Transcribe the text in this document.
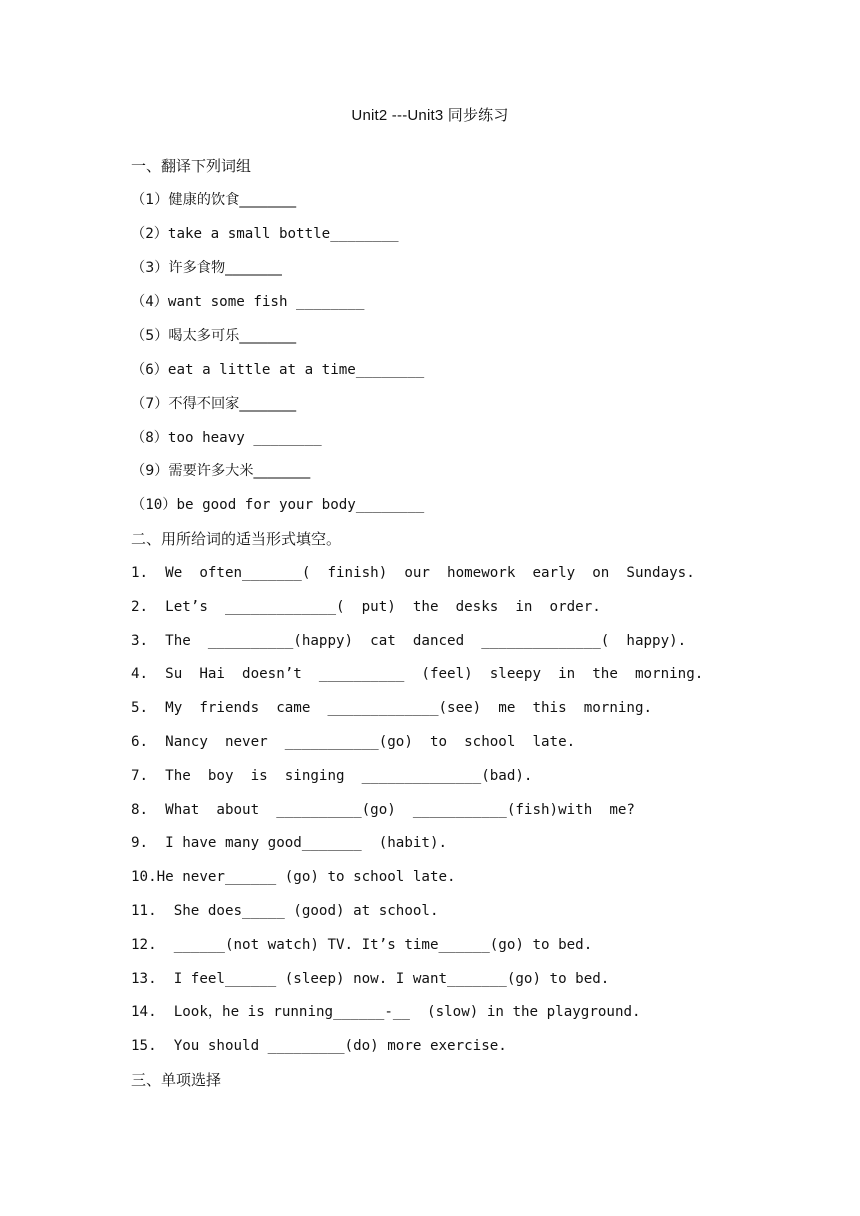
Unit2 ---Unit3 同步练习
一、翻译下列词组
（1）健康的饮食________
（2）take a small bottle________
（3）许多食物________
（4）want some fish ________
（5）喝太多可乐________
（6）eat a little at a time________
（7）不得不回家________
（8）too heavy ________
（9）需要许多大米________
（10）be good for your body________
二、用所给词的适当形式填空。
1.  We  often_______(  finish)  our  homework  early  on  Sundays.
2.  Let’s  _____________(  put)  the  desks  in  order.
3.  The  __________(happy)  cat  danced  ______________(  happy).
4.  Su  Hai  doesn’t  __________  (feel)  sleepy  in  the  morning.
5.  My  friends  came  _____________(see)  me  this  morning.
6.  Nancy  never  ___________(go)  to  school  late.
7.  The  boy  is  singing  ______________(bad).
8.  What  about  __________(go)  ___________(fish)with  me?
9.  I have many good_______  (habit).
10.He never______ (go) to school late.
11.  She does_____ (good) at school.
12.  ______(not watch) TV. It’s time______(go) to bed.
13.  I feel______ (sleep) now. I want_______(go) to bed.
14.  Look，he is running______-__  (slow) in the playground.
15.  You should _________(do) more exercise.
三、单项选择
